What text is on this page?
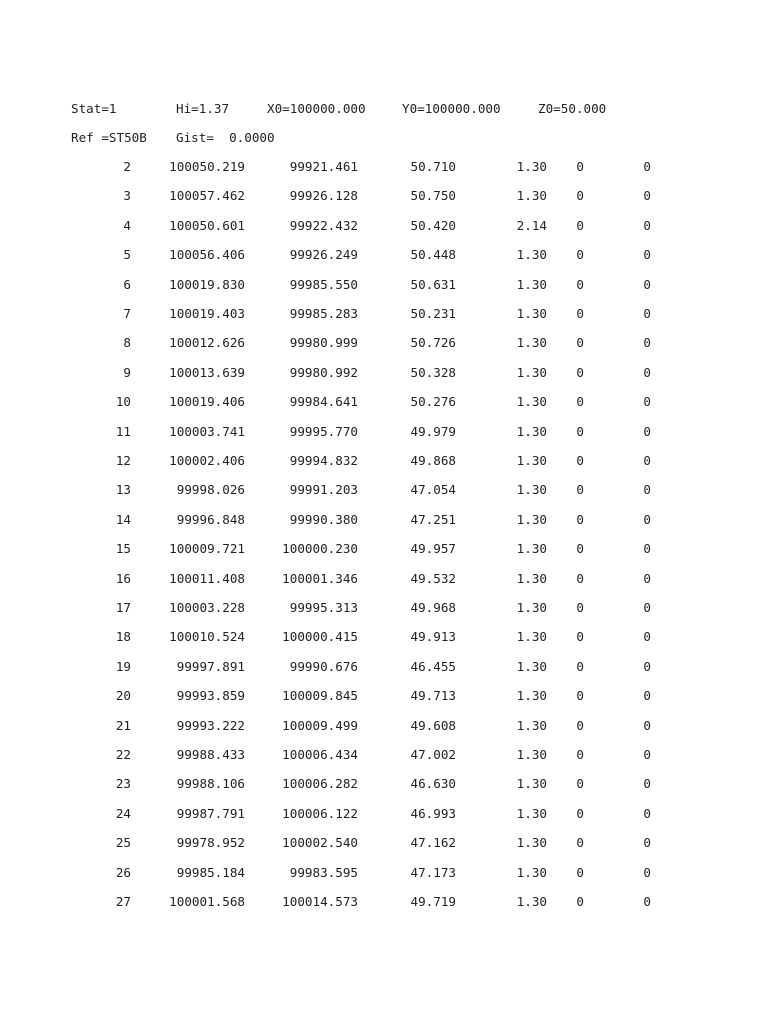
Stat=1

	Hi=1.37

	X0=100000.000

	Y0=100000.000

	Z0=50.000

Ref =ST50B

Gist=  0.0000

2	100050.219	99921.461	50.710	1.30	0	0
3	100057.462	99926.128	50.750	1.30	0	0
4	100050.601	99922.432	50.420	2.14	0	0
5	100056.406	99926.249	50.448	1.30	0	0
6	100019.830	99985.550	50.631	1.30	0	0
7	100019.403	99985.283	50.231	1.30	0	0
8	100012.626	99980.999	50.726	1.30	0	0
9	100013.639	99980.992	50.328	1.30	0	0
10	100019.406	99984.641	50.276	1.30	0	0
11	100003.741	99995.770	49.979	1.30	0	0
12	100002.406	99994.832	49.868	1.30	0	0
13	99998.026	99991.203	47.054	1.30	0	0
14	99996.848	99990.380	47.251	1.30	0	0
15	100009.721	100000.230	49.957	1.30	0	0
16	100011.408	100001.346	49.532	1.30	0	0
17	100003.228	99995.313	49.968	1.30	0	0
18	100010.524	100000.415	49.913	1.30	0	0
19	99997.891	99990.676	46.455	1.30	0	0
20	99993.859	100009.845	49.713	1.30	0	0
21	99993.222	100009.499	49.608	1.30	0	0
22	99988.433	100006.434	47.002	1.30	0	0
23	99988.106	100006.282	46.630	1.30	0	0
24	99987.791	100006.122	46.993	1.30	0	0
25	99978.952	100002.540	47.162	1.30	0	0
26	99985.184	99983.595	47.173	1.30	0	0
27	100001.568	100014.573	49.719	1.30	0	0
